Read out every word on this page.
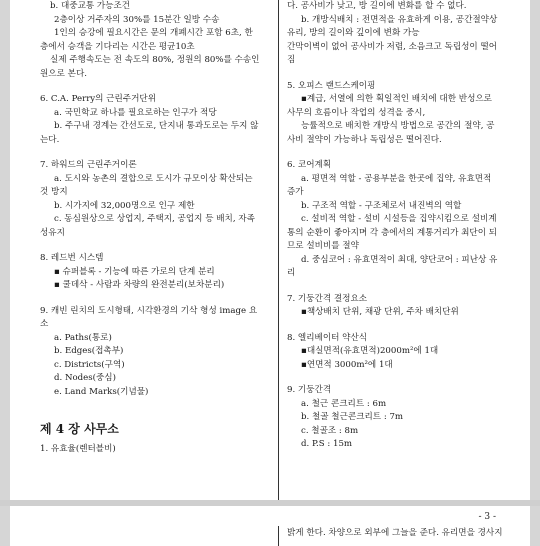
b. 대중교통 가능조건

2층이상 거주자의 30%를 15분간 일방 수송

1인의 승강에 필요시간은 문의 개폐시간 포함 6초, 한

층에서 승객을 기다리는 시간은 평균10초

실제 주행속도는 전 속도의 80%, 정원의 80%를 수송인

원으로 본다.

6. C.A. Perry의 근린주거단위

a. 국민학교 하나를 필요로하는 인구가 적당

b. 주구내 경계는 간선도로, 단지내 통과도로는 두지 않

는다.

7. 하워드의 근린주거이론

a. 도시와 농촌의 결합으로 도시가 규모이상 확산되는

것 방지

b. 시가지에 32,000명으로 인구 제한

c. 동심원상으로 상업지, 주택지, 공업지 등 배치, 자족

성유지

8. 레드번 시스템

▪ 슈퍼블록 - 기능에 따른 가로의 단계 분리

▪ 쿨데삭 - 사람과 차량의 완전분리(보차분리)

9. 캐빈 린치의 도시형태, 시각환경의 기삭 형성 image 요

소

a. Paths(통로)

b. Edges(접촉부)

c. Districts(구역)

d. Nodes(중심)

e. Land Marks(기념물)

제 4 장 사무소

1. 유효율(렌터블비)

다. 공사비가 낮고, 방 길이에 변화를 할 수 없다.

b. 개방식배치 : 전면적을 유효하게 이용, 공간절약상

유리, 방의 길이와 깊이에 변화 가능

간막이벽이 없어 공사비가 저렴, 소음크고 독립성이 떨어

짐

5. 오피스 랜드스케이핑

▪계급, 서열에 의한 획일적인 배치에 대한 반성으로

사무의 흐름이나 작업의 성격을 중시,

능률적으로 배치한 개방식 방법으로 공간의 절약, 공

사비 절약이 가능하나 독립성은 떨어진다.

6. 코어계획

a. 평면적 역할 - 공용부분을 한곳에 집약, 유효면적

증가

b. 구조적 역할 - 구조체로서 내진벽의 역할

c. 설비적 역할 - 설비 시설등을 집약시킴으로 설비계

통의 순환이 좋아지며 각 층에서의 계통거리가 최단이 되

므로 설비비를 절약

d. 중심코어 : 유효면적이 최대, 양단코어 : 피난상 유

리

7. 기둥간격 결정요소

▪책상배치 단위, 채광 단위, 주차 배치단위

8. 엘리베이터 약산식

▪대실면적(유효면적)2000m²에 1대

▪연면적 3000m²에 1대

9. 기둥간격

a. 철근 콘크리트 : 6m

b. 철골 철근콘크리트 : 7m

c. 철골조 : 8m

d. P.S : 15m

- 3 -
밝게 한다. 차양으로 외부에 그늘을 준다. 유리면을 경사지
